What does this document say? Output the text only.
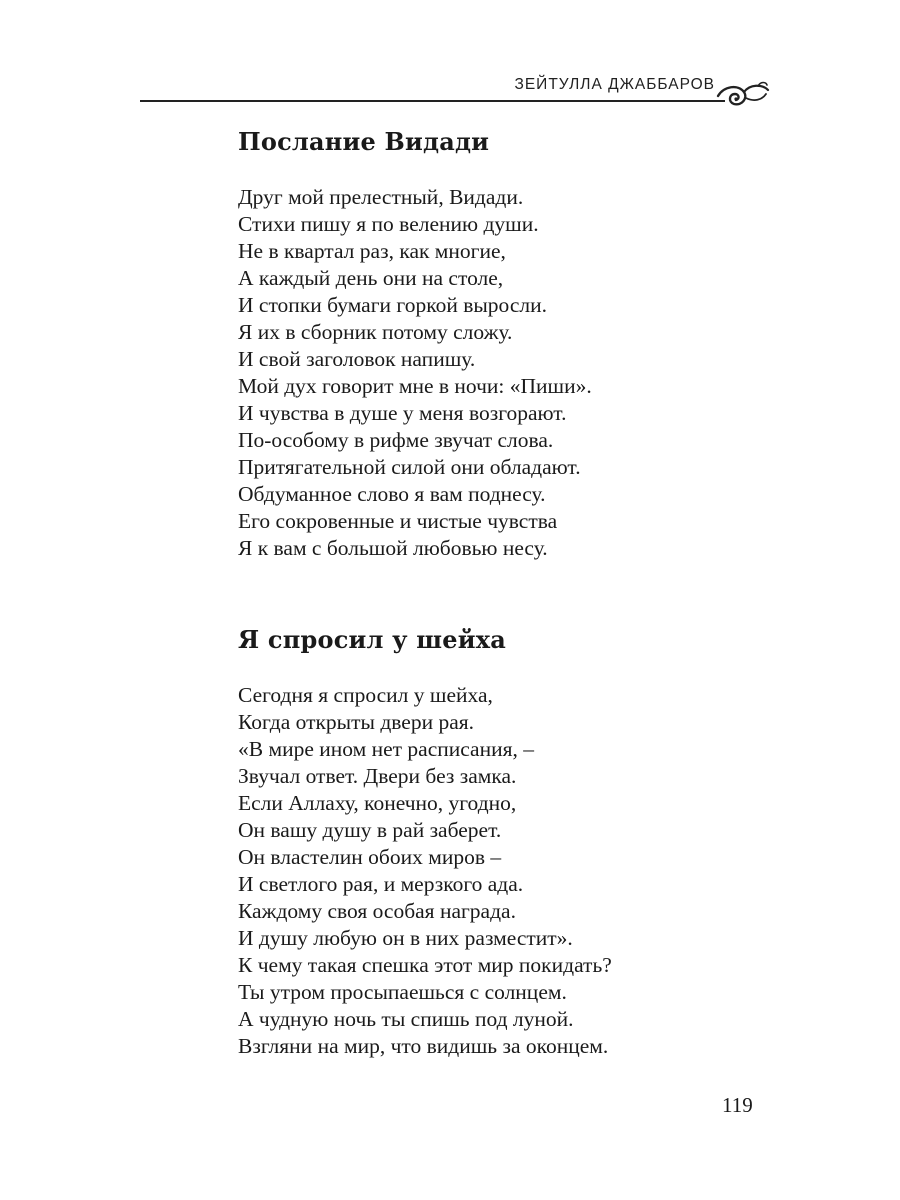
ЗЕЙТУЛЛА ДЖАББАРОВ
Послание Видади
Друг мой прелестный, Видади.
Стихи пишу я по велению души.
Не в квартал раз, как многие,
А каждый день они на столе,
И стопки бумаги горкой выросли.
Я их в сборник потому сложу.
И свой заголовок напишу.
Мой дух говорит мне в ночи: «Пиши».
И чувства в душе у меня возгорают.
По-особому в рифме звучат слова.
Притягательной силой они обладают.
Обдуманное слово я вам поднесу.
Его сокровенные и чистые чувства
Я к вам с большой любовью несу.
Я спросил у шейха
Сегодня я спросил у шейха,
Когда открыты двери рая.
«В мире ином нет расписания, –
Звучал ответ. Двери без замка.
Если Аллаху, конечно, угодно,
Он вашу душу в рай заберет.
Он властелин обоих миров –
И светлого рая, и мерзкого ада.
Каждому своя особая награда.
И душу любую он в них разместит».
К чему такая спешка этот мир покидать?
Ты утром просыпаешься с солнцем.
А чудную ночь ты спишь под луной.
Взгляни на мир, что видишь за оконцем.
119
